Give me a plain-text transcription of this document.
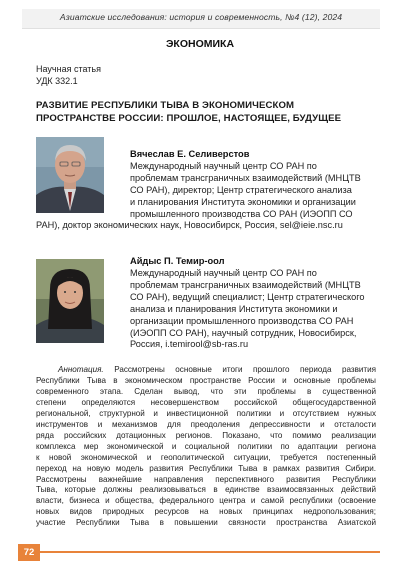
Азиатские исследования: история и современность, №4 (12), 2024
ЭКОНОМИКА
Научная статья
УДК 332.1
РАЗВИТИЕ РЕСПУБЛИКИ ТЫВА В ЭКОНОМИЧЕСКОМ
ПРОСТРАНСТВЕ РОССИИ: ПРОШЛОЕ, НАСТОЯЩЕЕ, БУДУЩЕЕ
Вячеслав Е. Селиверстов
Международный научный центр СО РАН по
проблемам трансграничных взаимодействий (МНЦТВ
СО РАН), директор; Центр стратегического анализа
и планирования Института экономики и организации
промышленного производства СО РАН (ИЭОПП СО
РАН), доктор экономических наук, Новосибирск, Россия, sel@ieie.nsc.ru
Айдыс П. Темир-оол
Международный научный центр СО РАН по
проблемам трансграничных взаимодействий (МНЦТВ
СО РАН), ведущий специалист; Центр стратегического
анализа и планирования Института экономики и
организации промышленного производства СО РАН
(ИЭОПП СО РАН), научный сотрудник, Новосибирск,
Россия, i.temirool@sb-ras.ru
Аннотация. Рассмотрены основные итоги прошлого периода развития
Республики Тыва в экономическом пространстве России и основные проблемы
современного этапа. Сделан вывод, что эти проблемы в существенной
степени определяются несовершенством российской общегосударственной
региональной, структурной и инвестиционной политики и отсутствием нужных
инструментов и механизмов для преодоления депрессивности и отсталости
ряда российских дотационных регионов. Показано, что помимо реализации
комплекса мер экономической и социальной политики по адаптации региона
к новой экономической и геополитической ситуации, требуется постепенный
переход на новую модель развития Республики Тыва в рамках развития Сибири.
Рассмотрены важнейшие направления перспективного развития Республики
Тыва, которые должны реализовываться в единстве взаимосвязанных действий
власти, бизнеса и общества, федерального центра и самой республики (освоение
новых видов природных ресурсов на новых принципах недропользования;
участие Республики Тыва в повышении связности пространства Азиатской
72
